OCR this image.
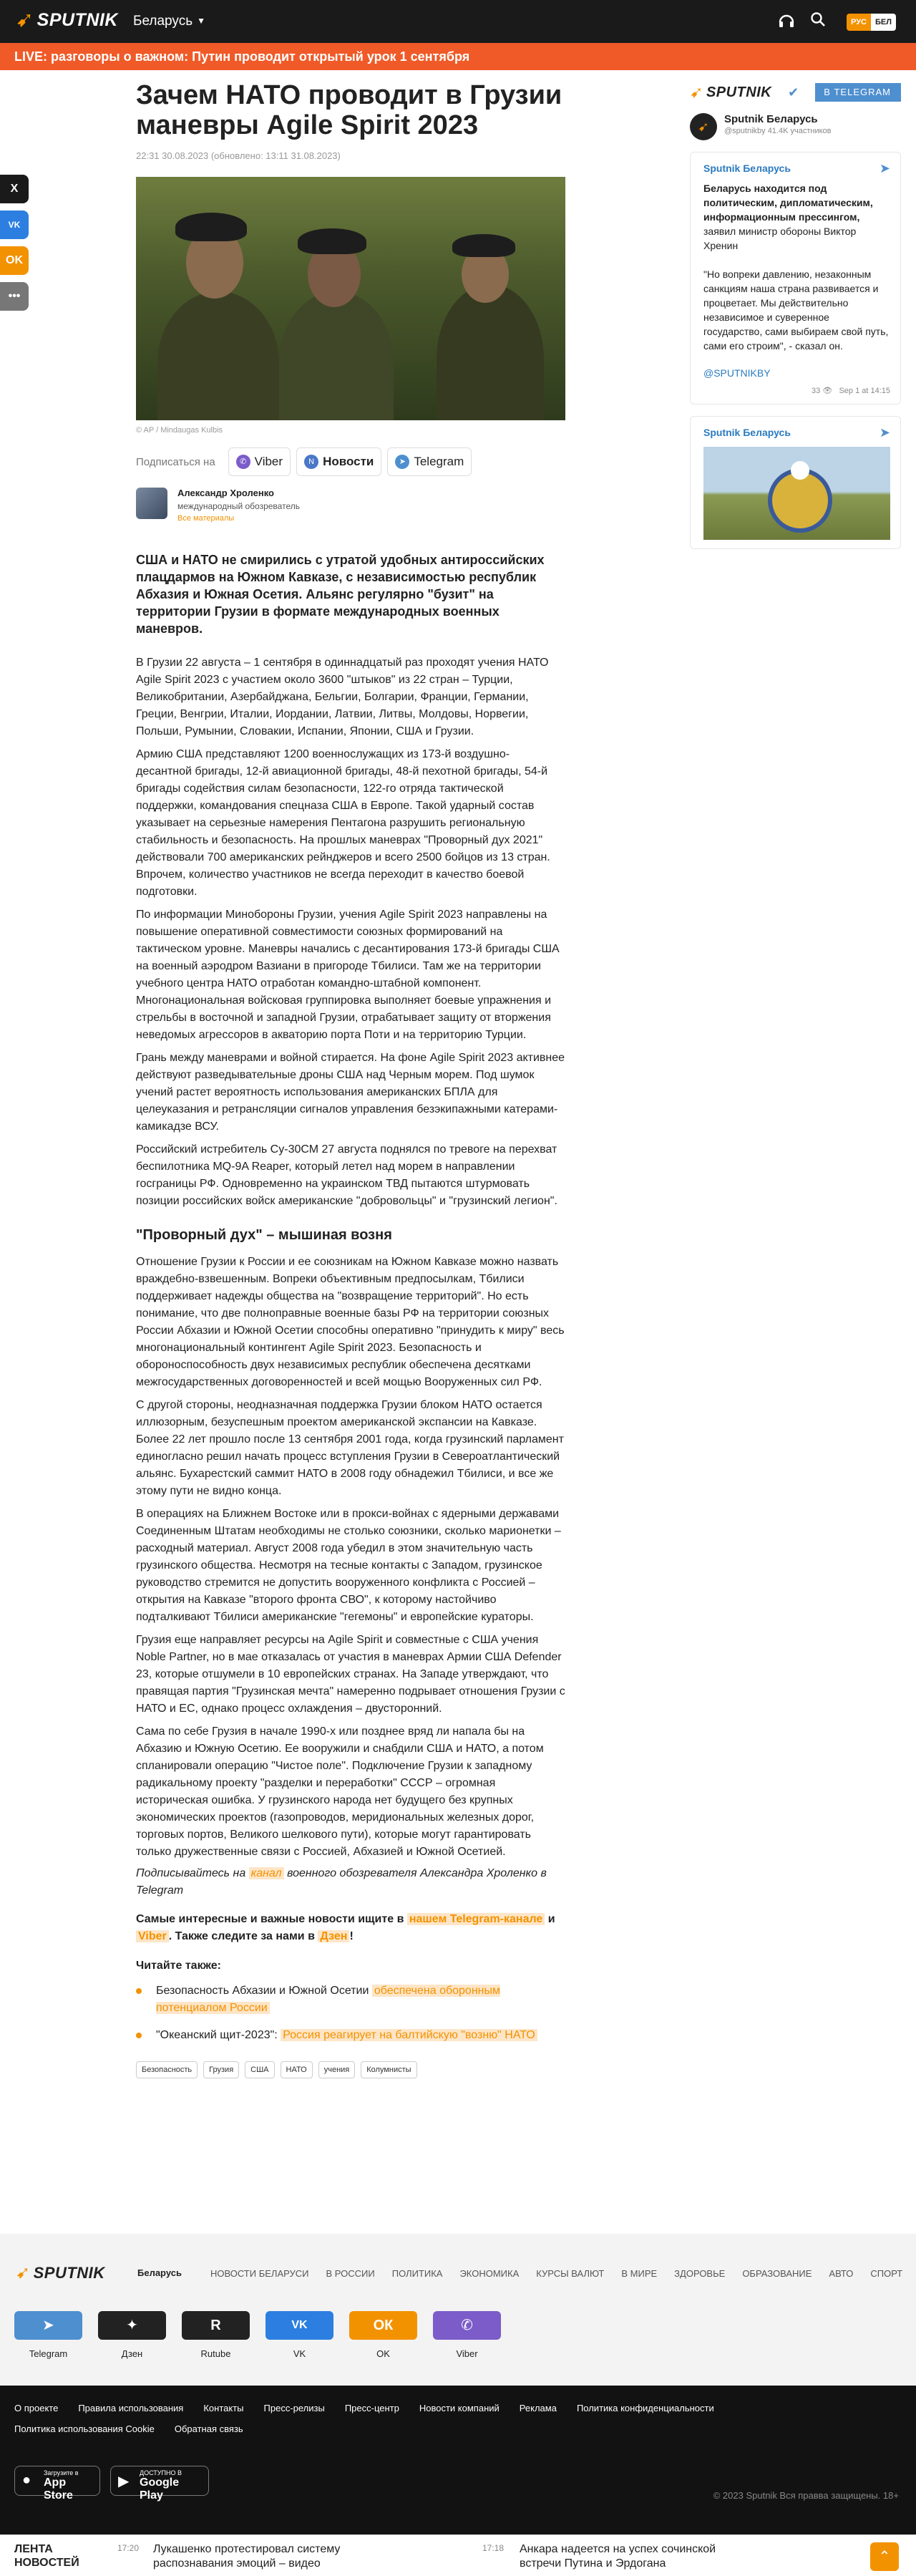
➹ SPUTNIK Беларусь ▼	РУС	БЕЛ
LIVE: разговоры о важном: Путин проводит открытый урок 1 сентября
X
VK
OK
•••
Зачем НАТО проводит в Грузии маневры Agile Spirit 2023
22:31 30.08.2023 (обновлено: 13:11 31.08.2023)
© AP / Mindaugas Kulbis
Подписаться на	✆ Viber	N Новости	➤ Telegram
Александр Хроленко
международный обозреватель
Все материалы
США и НАТО не смирились с утратой удобных антироссийских плацдармов на Южном Кавказе, с независимостью республик Абхазия и Южная Осетия. Альянс регулярно "бузит" на территории Грузии в формате международных военных маневров.

В Грузии 22 августа – 1 сентября в одиннадцатый раз проходят учения НАТО Agile Spirit 2023 с участием около 3600 "штыков" из 22 стран – Турции, Великобритании, Азербайджана, Бельгии, Болгарии, Франции, Германии, Греции, Венгрии, Италии, Иордании, Латвии, Литвы, Молдовы, Норвегии, Польши, Румынии, Словакии, Испании, Японии, США и Грузии.

Армию США представляют 1200 военнослужащих из 173-й воздушно-десантной бригады, 12-й авиационной бригады, 48-й пехотной бригады, 54-й бригады содействия силам безопасности, 122-го отряда тактической поддержки, командования спецназа США в Европе. Такой ударный состав указывает на серьезные намерения Пентагона разрушить региональную стабильность и безопасность. На прошлых маневрах "Проворный дух 2021" действовали 700 американских рейнджеров и всего 2500 бойцов из 13 стран. Впрочем, количество участников не всегда переходит в качество боевой подготовки.

По информации Минобороны Грузии, учения Agile Spirit 2023 направлены на повышение оперативной совместимости союзных формирований на тактическом уровне. Маневры начались с десантирования 173-й бригады США на военный аэродром Вазиани в пригороде Тбилиси. Там же на территории учебного центра НАТО отработан командно-штабной компонент. Многонациональная войсковая группировка выполняет боевые упражнения и стрельбы в восточной и западной Грузии, отрабатывает защиту от вторжения неведомых агрессоров в акваторию порта Поти и на территорию Турции.

Грань между маневрами и войной стирается. На фоне Agile Spirit 2023 активнее действуют разведывательные дроны США над Черным морем. Под шумок учений растет вероятность использования американских БПЛА для целеуказания и ретрансляции сигналов управления безэкипажными катерами-камикадзе ВСУ.

Российский истребитель Су-30СМ 27 августа поднялся по тревоге на перехват беспилотника MQ-9A Reaper, который летел над морем в направлении госграницы РФ. Одновременно на украинском ТВД пытаются штурмовать позиции российских войск американские "добровольцы" и "грузинский легион".

"Проворный дух" – мышиная возня

Отношение Грузии к России и ее союзникам на Южном Кавказе можно назвать враждебно-взвешенным. Вопреки объективным предпосылкам, Тбилиси поддерживает надежды общества на "возвращение территорий". Но есть понимание, что две полноправные военные базы РФ на территории союзных России Абхазии и Южной Осетии способны оперативно "принудить к миру" весь многонациональный контингент Agile Spirit 2023. Безопасность и обороноспособность двух независимых республик обеспечена десятками межгосударственных договоренностей и всей мощью Вооруженных сил РФ.

С другой стороны, неодназначная поддержка Грузии блоком НАТО остается иллюзорным, безуспешным проектом американской экспансии на Кавказе. Более 22 лет прошло после 13 сентября 2001 года, когда грузинский парламент единогласно решил начать процесс вступления Грузии в Североатлантический альянс. Бухарестский саммит НАТО в 2008 году обнадежил Тбилиси, и все же этому пути не видно конца.

В операциях на Ближнем Востоке или в прокси-войнах с ядерными державами Соединенным Штатам необходимы не столько союзники, сколько марионетки – расходный материал. Август 2008 года убедил в этом значительную часть грузинского общества. Несмотря на тесные контакты с Западом, грузинское руководство стремится не допустить вооруженного конфликта с Россией – открытия на Кавказе "второго фронта СВО", к которому настойчиво подталкивают Тбилиси американские "гегемоны" и европейские кураторы.

Грузия еще направляет ресурсы на Agile Spirit и совместные с США учения Noble Partner, но в мае отказалась от участия в маневрах Армии США Defender 23, которые отшумели в 10 европейских странах. На Западе утверждают, что правящая партия "Грузинская мечта" намеренно подрывает отношения Грузии с НАТО и ЕС, однако процесс охлаждения – двусторонний.

Сама по себе Грузия в начале 1990-х или позднее вряд ли напала бы на Абхазию и Южную Осетию. Ее вооружили и снабдили США и НАТО, а потом спланировали операцию "Чистое поле". Подключение Грузии к западному радикальному проекту "разделки и переработки" СССР – огромная историческая ошибка. У грузинского народа нет будущего без крупных экономических проектов (газопроводов, меридиональных железных дорог, торговых портов, Великого шелкового пути), которые могут гарантировать только дружественные связи с Россией, Абхазией и Южной Осетией.

Подписывайтесь на канал военного обозревателя Александра Хроленко в Telegram

Самые интересные и важные новости ищите в нашем Telegram-канале и Viber . Также следите за нами в Дзен !

Читайте также:
Безопасность Абхазии и Южной Осетии обеспечена оборонным потенциалом России
"Океанский щит-2023": Россия реагирует на балтийскую "возню" НАТО
Безопасность	Грузия	США	НАТО	учения	Колумнисты
➹ SPUTNIK ✔	В TELEGRAM
➹
Sputnik Беларусь
@sputnikby 41.4K участников
Sputnik Беларусь	➤
Беларусь находится под политическим, дипломатическим, информационным прессингом, заявил министр обороны Виктор Хренин
"Но вопреки давлению, незаконным санкциям наша страна развивается и процветает. Мы действительно независимое и суверенное государство, сами выбираем свой путь, сами его строим", - сказал он.
@SPUTNIKBY
33 👁 Sep 1 at 14:15
Sputnik Беларусь	➤
➹ SPUTNIK	Беларусь	НОВОСТИ БЕЛАРУСИ В РОССИИ ПОЛИТИКА ЭКОНОМИКА КУРСЫ ВАЛЮТ В МИРЕ ЗДОРОВЬЕ ОБРАЗОВАНИЕ АВТО СПОРТ
➤
Telegram
✦
Дзен
R
Rutube
VK
VK
ОК
OK
✆
Viber
О проекте Правила использования Контакты Пресс-релизы Пресс-центр Новости компаний Реклама Политика конфиденциальности
Политика использования Cookie Обратная связь
● Загрузите в
App Store
▶
ДОСТУПНО В
Google Play	© 2023 Sputnik Вся правва защищены. 18+
ЛЕНТА
НОВОСТЕЙ
17:20 Лукашенко протестировал систему распознавания эмоций – видео
17:18 Анкара надеется на успех сочинской встречи Путина и Эрдогана	⌃
